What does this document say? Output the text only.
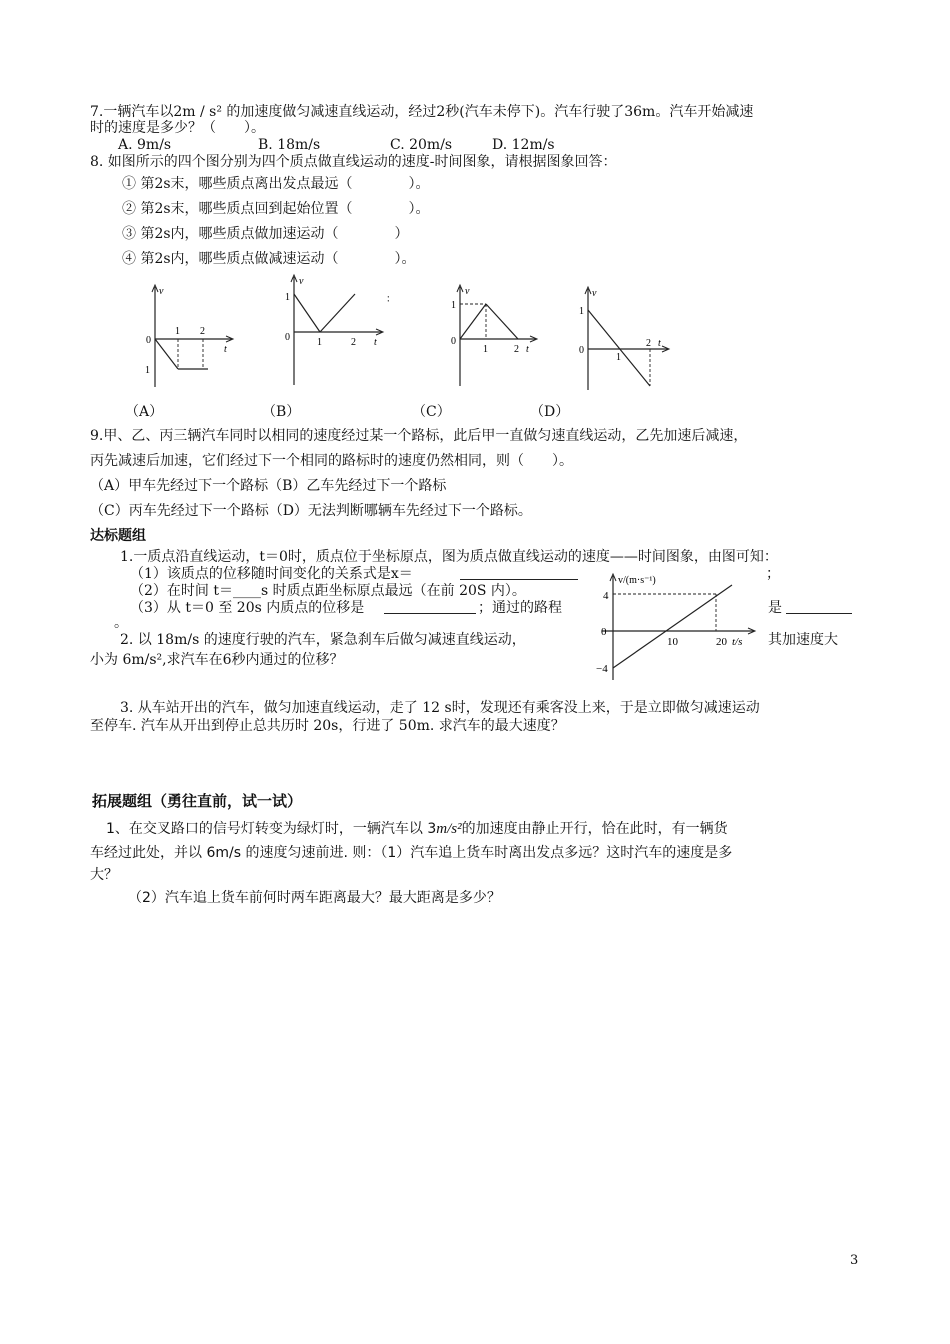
7.一辆汽车以2m / s² 的加速度做匀减速直线运动，经过2秒(汽车未停下)。汽车行驶了36m。汽车开始减速
时的速度是多少？（　　）。
A. 9m/s	B. 18m/s	C. 20m/s	D. 12m/s
8. 如图所示的四个图分别为四个质点做直线运动的速度-时间图象，请根据图象回答：
① 第2s末，哪些质点离出发点最远（　　　　）。
② 第2s末，哪些质点回到起始位置（　　　　）。
③ 第2s内，哪些质点做加速运动（　　　　）
④ 第2s内，哪些质点做减速运动（　　　　）。
v
0
1 2
t
1
v
1
0	1	2 t
：
v
1
0
1	2 t
v
1
0
1
2 t
（A）	（B）	（C）	（D）
9.甲、乙、丙三辆汽车同时以相同的速度经过某一个路标，此后甲一直做匀速直线运动，乙先加速后减速，
丙先减速后加速，它们经过下一个相同的路标时的速度仍然相同，则（　　）。
（A）甲车先经过下一个路标（B）乙车先经过下一个路标
（C）丙车先经过下一个路标（D）无法判断哪辆车先经过下一个路标。
达标题组
1.一质点沿直线运动，t＝0时，质点位于坐标原点，图为质点做直线运动的速度——时间图象，由图可知：
（1）该质点的位移随时间变化的关系式是x＝	；
（2）在时间 t＝____s 时质点距坐标原点最远（在前 20S 内）。
（3）从 t＝0 至 20s 内质点的位移是	；通过的路程	是
。
2. 以 18m/s 的速度行驶的汽车，紧急刹车后做匀减速直线运动，	其加速度大
小为 6m/s²,求汽车在6秒内通过的位移？
v/(m·s⁻¹)
4
0
−4
10	20 t/s
3. 从车站开出的汽车，做匀加速直线运动，走了 12 s时，发现还有乘客没上来，于是立即做匀减速运动
至停车. 汽车从开出到停止总共历时 20s，行进了 50m. 求汽车的最大速度？
拓展题组（勇往直前，试一试）
1、在交叉路口的信号灯转变为绿灯时，一辆汽车以 3m/s²的加速度由静止开行，恰在此时，有一辆货
车经过此处，并以 6m/s 的速度匀速前进. 则：（1）汽车追上货车时离出发点多远？这时汽车的速度是多
大？
（2）汽车追上货车前何时两车距离最大？最大距离是多少？
3
